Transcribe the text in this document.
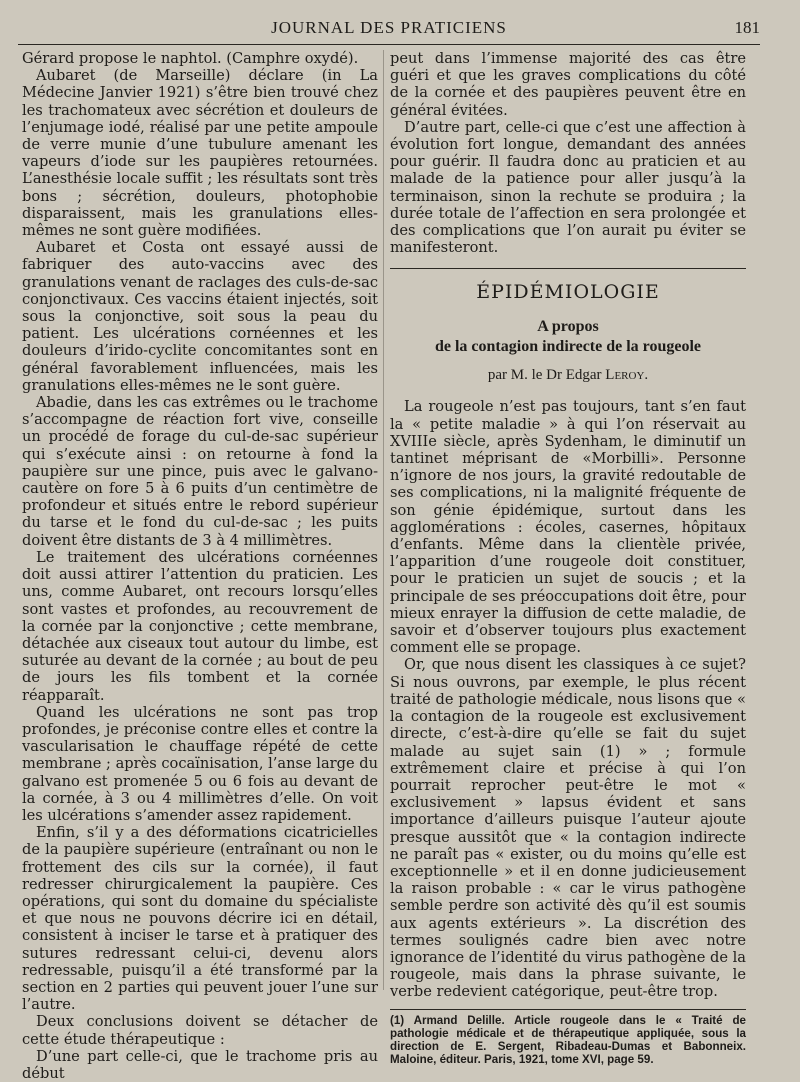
JOURNAL DES PRATICIENS	181

Gérard propose le naphtol. (Camphre oxydé).

Aubaret (de Marseille) déclare (in La Médecine Janvier 1921) s’être bien trouvé chez les trachomateux avec sécrétion et douleurs de l’enjumage iodé, réalisé par une petite ampoule de verre munie d’une tubulure amenant les vapeurs d’iode sur les paupières retournées. L’anesthésie locale suffit ; les résultats sont très bons ; sécrétion, douleurs, photophobie disparaissent, mais les granulations elles-mêmes ne sont guère modifiées.

Aubaret et Costa ont essayé aussi de fabriquer des auto-vaccins avec des granulations venant de raclages des culs-de-sac conjonctivaux. Ces vaccins étaient injectés, soit sous la conjonctive, soit sous la peau du patient. Les ulcérations cornéennes et les douleurs d’irido-cyclite concomitantes sont en général favorablement influencées, mais les granulations elles-mêmes ne le sont guère.

Abadie, dans les cas extrêmes ou le trachome s’accompagne de réaction fort vive, conseille un procédé de forage du cul-de-sac supérieur qui s’exécute ainsi : on retourne à fond la paupière sur une pince, puis avec le galvano-cautère on fore 5 à 6 puits d’un centimètre de profondeur et situés entre le rebord supérieur du tarse et le fond du cul-de-sac ; les puits doivent être distants de 3 à 4 millimètres.

Le traitement des ulcérations cornéennes doit aussi attirer l’attention du praticien. Les uns, comme Aubaret, ont recours lorsqu’elles sont vastes et profondes, au recouvrement de la cornée par la conjonctive ; cette membrane, détachée aux ciseaux tout autour du limbe, est suturée au devant de la cornée ; au bout de peu de jours les fils tombent et la cornée réapparaît.

Quand les ulcérations ne sont pas trop profondes, je préconise contre elles et contre la vascularisation le chauffage répété de cette membrane ; après cocaïnisation, l’anse large du galvano est promenée 5 ou 6 fois au devant de la cornée, à 3 ou 4 millimètres d’elle. On voit les ulcérations s’amender assez rapidement.

Enfin, s’il y a des déformations cicatricielles de la paupière supérieure (entraînant ou non le frottement des cils sur la cornée), il faut redresser chirurgicalement la paupière. Ces opérations, qui sont du domaine du spécialiste et que nous ne pouvons décrire ici en détail, consistent à inciser le tarse et à pratiquer des sutures redressant celui-ci, devenu alors redressable, puisqu’il a été transformé par la section en 2 parties qui peuvent jouer l’une sur l’autre.

Deux conclusions doivent se détacher de cette étude thérapeutique :

D’une part celle-ci, que le trachome pris au début

peut dans l’immense majorité des cas être guéri et que les graves complications du côté de la cornée et des paupières peuvent être en général évitées.

D’autre part, celle-ci que c’est une affection à évolution fort longue, demandant des années pour guérir. Il faudra donc au praticien et au malade de la patience pour aller jusqu’à la terminaison, sinon la rechute se produira ; la durée totale de l’affection en sera prolongée et des complications que l’on aurait pu éviter se manifesteront.

ÉPIDÉMIOLOGIE
A propos
de la contagion indirecte de la rougeole
par M. le Dr Edgar Leroy.

La rougeole n’est pas toujours, tant s’en faut la « petite maladie » à qui l’on réservait au XVIIIe siècle, après Sydenham, le diminutif un tantinet méprisant de «Morbilli». Personne n’ignore de nos jours, la gravité redoutable de ses complications, ni la malignité fréquente de son génie épidémique, surtout dans les agglomérations : écoles, casernes, hôpitaux d’enfants. Même dans la clientèle privée, l’apparition d’une rougeole doit constituer, pour le praticien un sujet de soucis ; et la principale de ses préoccupations doit être, pour mieux enrayer la diffusion de cette maladie, de savoir et d’observer toujours plus exactement comment elle se propage.

Or, que nous disent les classiques à ce sujet? Si nous ouvrons, par exemple, le plus récent traité de pathologie médicale, nous lisons que « la contagion de la rougeole est exclusivement directe, c’est-à-dire qu’elle se fait du sujet malade au sujet sain (1) » ; formule extrêmement claire et précise à qui l’on pourrait reprocher peut-être le mot « exclusivement » lapsus évident et sans importance d’ailleurs puisque l’auteur ajoute presque aussitôt que « la contagion indirecte ne paraît pas « exister, ou du moins qu’elle est exceptionnelle » et il en donne judicieusement la raison probable : « car le virus pathogène semble perdre son activité dès qu’il est soumis aux agents extérieurs ». La discrétion des termes soulignés cadre bien avec notre ignorance de l’identité du virus pathogène de la rougeole, mais dans la phrase suivante, le verbe redevient catégorique, peut-être trop.

(1) Armand Delille. Article rougeole dans le « Traité de pathologie médicale et de thérapeutique appliquée, sous la direction de E. Sergent, Ribadeau-Dumas et Babonneix. Maloine, éditeur. Paris, 1921, tome XVI, page 59.
